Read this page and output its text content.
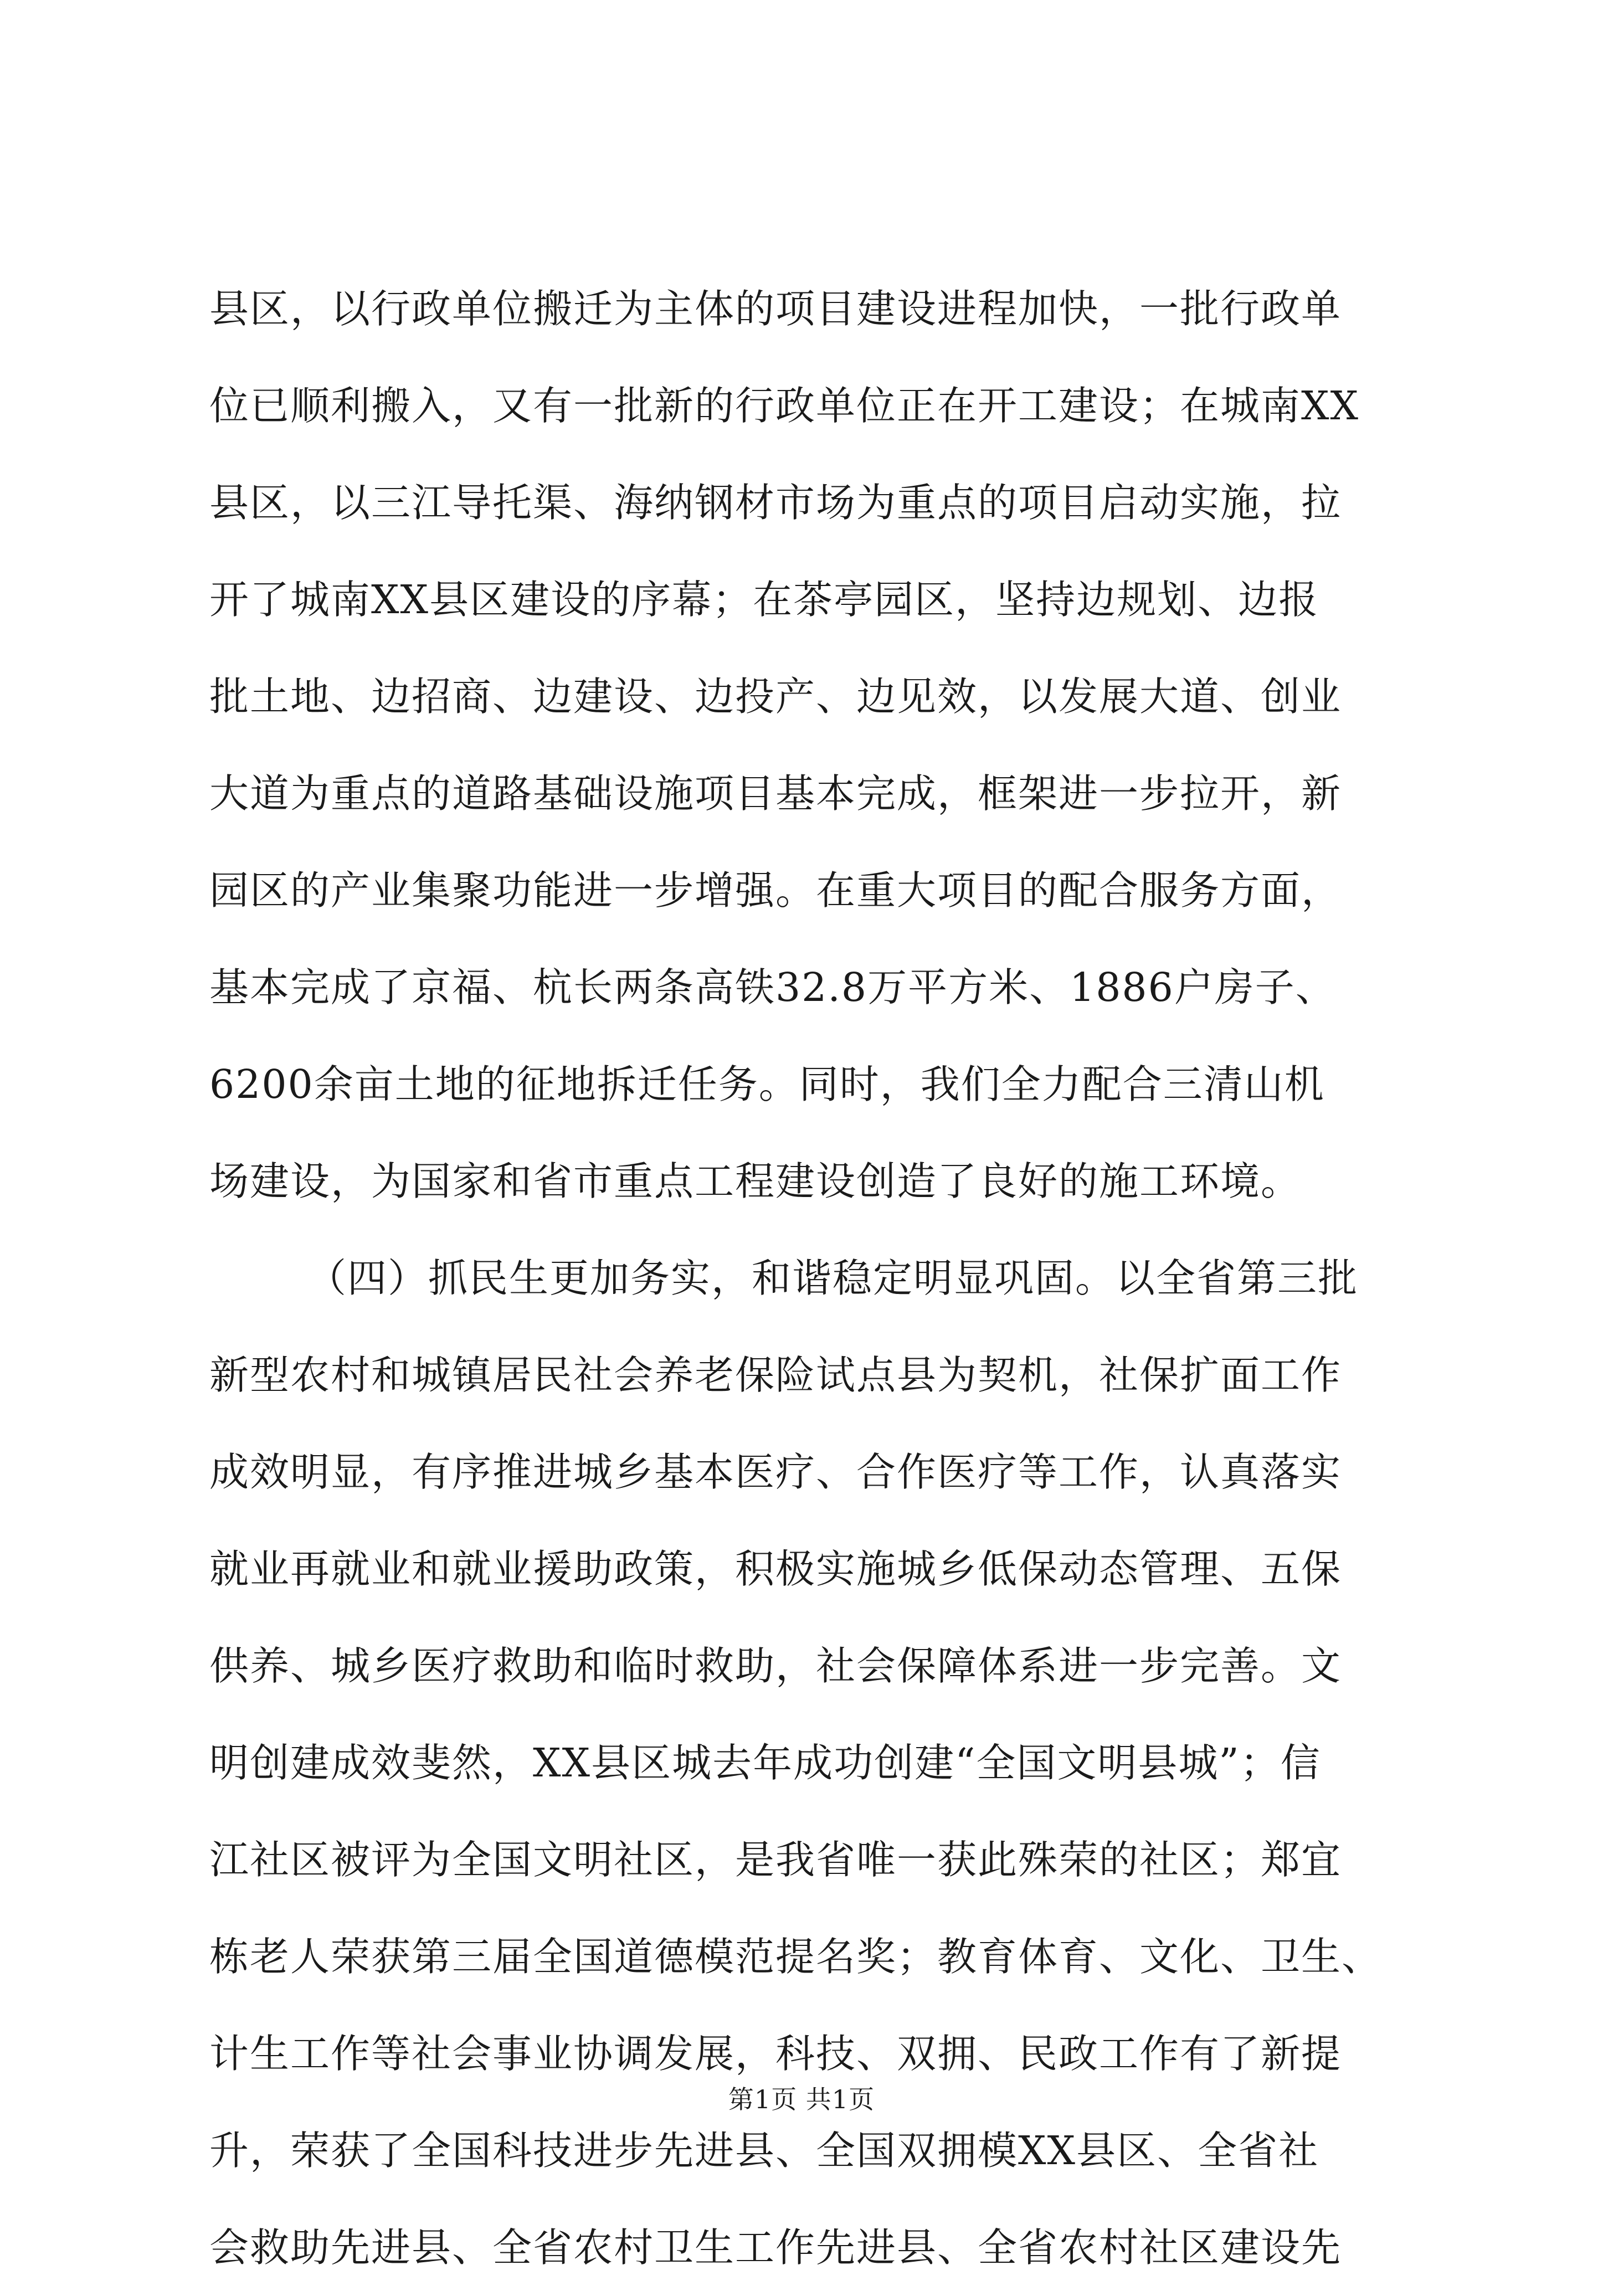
县区，以行政单位搬迁为主体的项目建设进程加快，一批行政单
位已顺利搬入，又有一批新的行政单位正在开工建设；在城南XX
县区，以三江导托渠、海纳钢材市场为重点的项目启动实施，拉
开了城南XX县区建设的序幕；在茶亭园区，坚持边规划、边报
批土地、边招商、边建设、边投产、边见效，以发展大道、创业
大道为重点的道路基础设施项目基本完成，框架进一步拉开，新
园区的产业集聚功能进一步增强。在重大项目的配合服务方面，
基本完成了京福、杭长两条高铁32.8万平方米、1886户房子、
6200余亩土地的征地拆迁任务。同时，我们全力配合三清山机
场建设，为国家和省市重点工程建设创造了良好的施工环境。
（四）抓民生更加务实，和谐稳定明显巩固。以全省第三批
新型农村和城镇居民社会养老保险试点县为契机，社保扩面工作
成效明显，有序推进城乡基本医疗、合作医疗等工作，认真落实
就业再就业和就业援助政策，积极实施城乡低保动态管理、五保
供养、城乡医疗救助和临时救助，社会保障体系进一步完善。文
明创建成效斐然，XX县区城去年成功创建“全国文明县城”；信
江社区被评为全国文明社区，是我省唯一获此殊荣的社区；郑宜
栋老人荣获第三届全国道德模范提名奖；教育体育、文化、卫生、
计生工作等社会事业协调发展，科技、双拥、民政工作有了新提
升，荣获了全国科技进步先进县、全国双拥模XX县区、全省社
会救助先进县、全省农村卫生工作先进县、全省农村社区建设先
第1页 共1页
